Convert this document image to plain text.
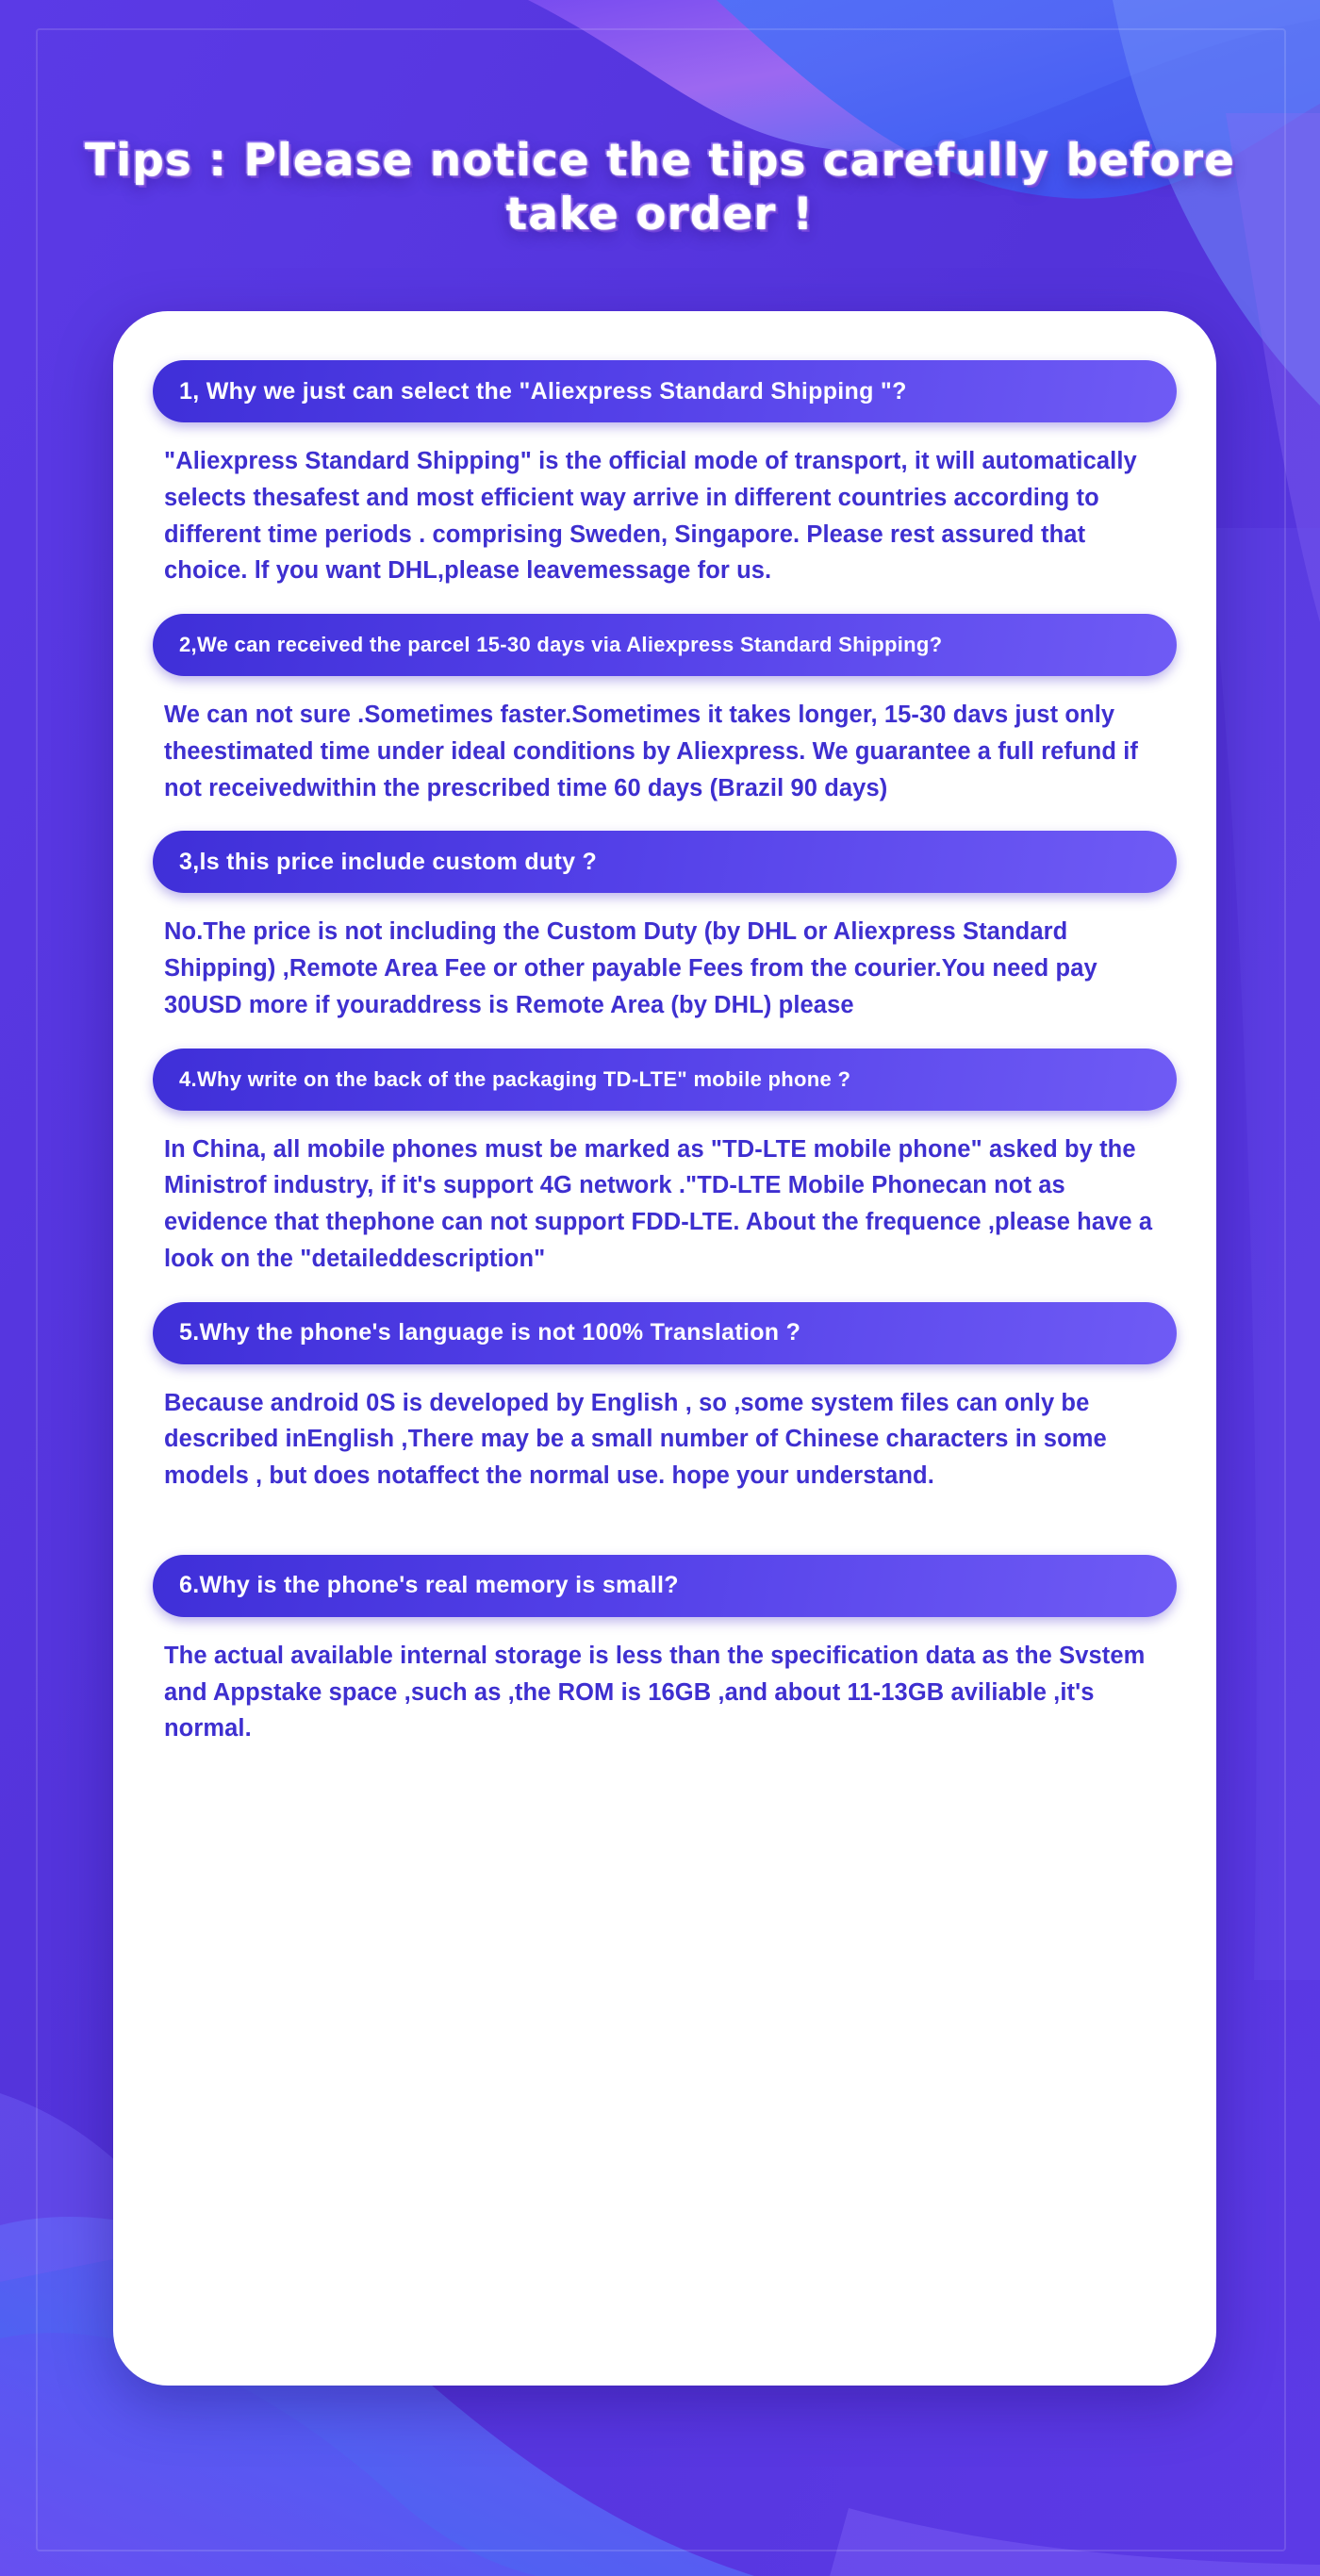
Tips : Please notice the tips carefully before take order !
1, Why we just can select the "Aliexpress Standard Shipping "?

"Aliexpress Standard Shipping" is the official mode of transport, it will automatically selects thesafest and most efficient way arrive in different countries according to different time periods . comprising Sweden, Singapore. Please rest assured that choice. lf you want DHL,please leavemessage for us.

2,We can received the parcel 15-30 days via Aliexpress Standard Shipping?

We can not sure .Sometimes faster.Sometimes it takes longer, 15-30 davs just only theestimated time under ideal conditions by Aliexpress. We guarantee a full refund if not receivedwithin the prescribed time 60 days (Brazil 90 days)

3,ls this price include custom duty ?

No.The price is not including the Custom Duty (by DHL or Aliexpress Standard Shipping) ,Remote Area Fee or other payable Fees from the courier.You need pay 30USD more if youraddress is Remote Area (by DHL) please

4.Why write on the back of the packaging TD-LTE" mobile phone ?

In China, all mobile phones must be marked as "TD-LTE mobile phone" asked by the Ministrof industry, if it's support 4G network ."TD-LTE Mobile Phonecan not as evidence that thephone can not support FDD-LTE. About the frequence ,please have a look on the "detaileddescription"

5.Why the phone's language is not 100% Translation ?

Because android 0S is developed by English , so ,some system files can only be described inEnglish ,There may be a small number of Chinese characters in some models , but does notaffect the normal use. hope your understand.

6.Why is the phone's real memory is small?

The actual available internal storage is less than the specification data as the Svstem and Appstake space ,such as ,the ROM is 16GB ,and about 11-13GB aviliable ,it's normal.
